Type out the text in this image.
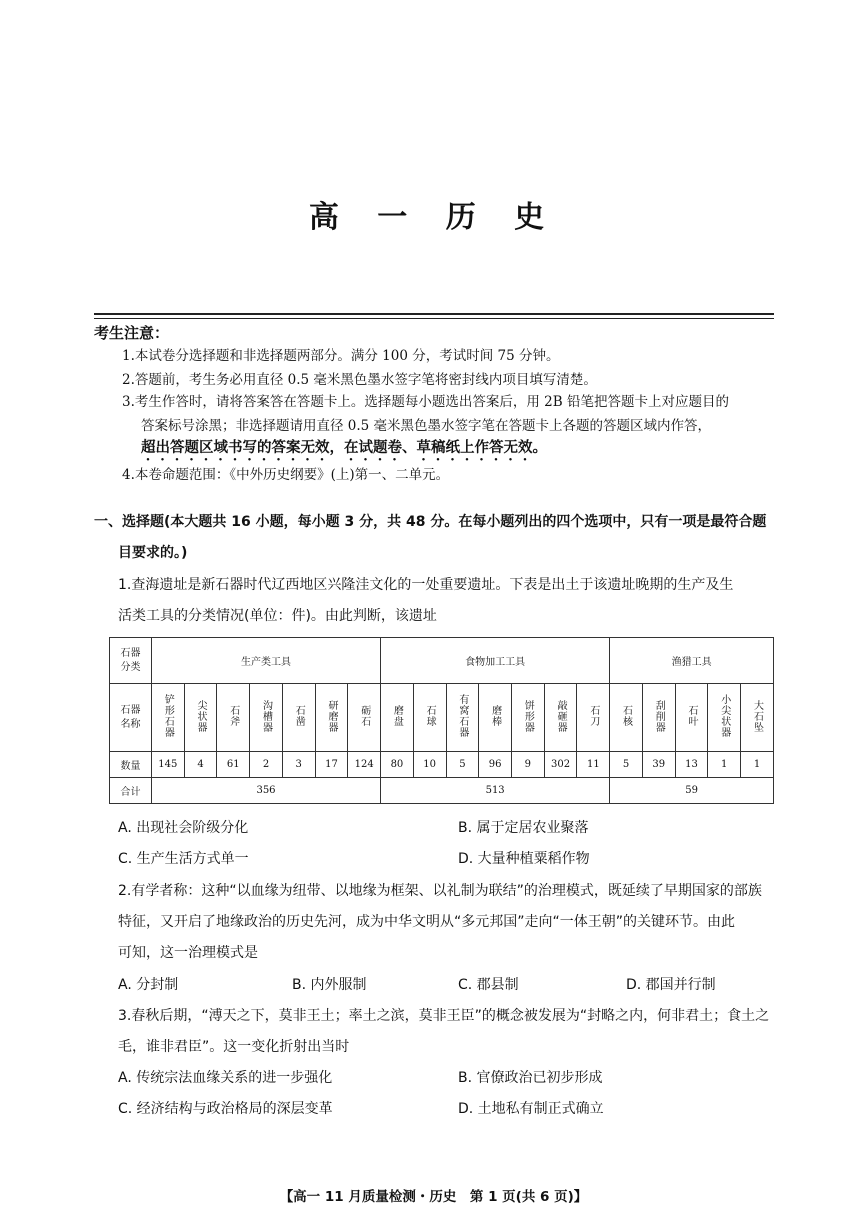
高 一 历 史
考生注意：
1.本试卷分选择题和非选择题两部分。满分 100 分，考试时间 75 分钟。
2.答题前，考生务必用直径 0.5 毫米黑色墨水签字笔将密封线内项目填写清楚。
3.考生作答时，请将答案答在答题卡上。选择题每小题选出答案后，用 2B 铅笔把答题卡上对应题目的
答案标号涂黑；非选择题请用直径 0.5 毫米黑色墨水签字笔在答题卡上各题的答题区域内作答，
超出答题区域书写的答案无效，在试题卷、草稿纸上作答无效。
4.本卷命题范围：《中外历史纲要》(上)第一、二单元。
一、选择题(本大题共 16 小题，每小题 3 分，共 48 分。在每小题列出的四个选项中，只有一项是最符合题
目要求的。)
1.查海遗址是新石器时代辽西地区兴隆洼文化的一处重要遗址。下表是出土于该遗址晚期的生产及生
活类工具的分类情况(单位：件)。由此判断，该遗址
石器分类	生产类工具							食物加工工具							渔猎工具				
石器名称	铲形石器	尖状器	石斧	沟槽器	石凿	研磨器	砺石	磨盘	石球	有窝石器	磨棒	饼形器	敲砸器	石刀	石核	刮削器	石叶	小尖状器	大石坠
数量	145	4	61	2	3	17	124	80	10	5	96	9	302	11	5	39	13	1	1
合计	356							513							59				
A. 出现社会阶级分化	B. 属于定居农业聚落
C. 生产生活方式单一	D. 大量种植粟稻作物
2.有学者称：这种“以血缘为纽带、以地缘为框架、以礼制为联结”的治理模式，既延续了早期国家的部族
特征，又开启了地缘政治的历史先河，成为中华文明从“多元邦国”走向“一体王朝”的关键环节。由此
可知，这一治理模式是
A. 分封制	B. 内外服制	C. 郡县制	D. 郡国并行制
3.春秋后期，“溥天之下，莫非王土；率土之滨，莫非王臣”的概念被发展为“封略之内，何非君土；食土之
毛，谁非君臣”。这一变化折射出当时
A. 传统宗法血缘关系的进一步强化	B. 官僚政治已初步形成
C. 经济结构与政治格局的深层变革	D. 土地私有制正式确立
【高一 11 月质量检测・历史　第 1 页(共 6 页)】
